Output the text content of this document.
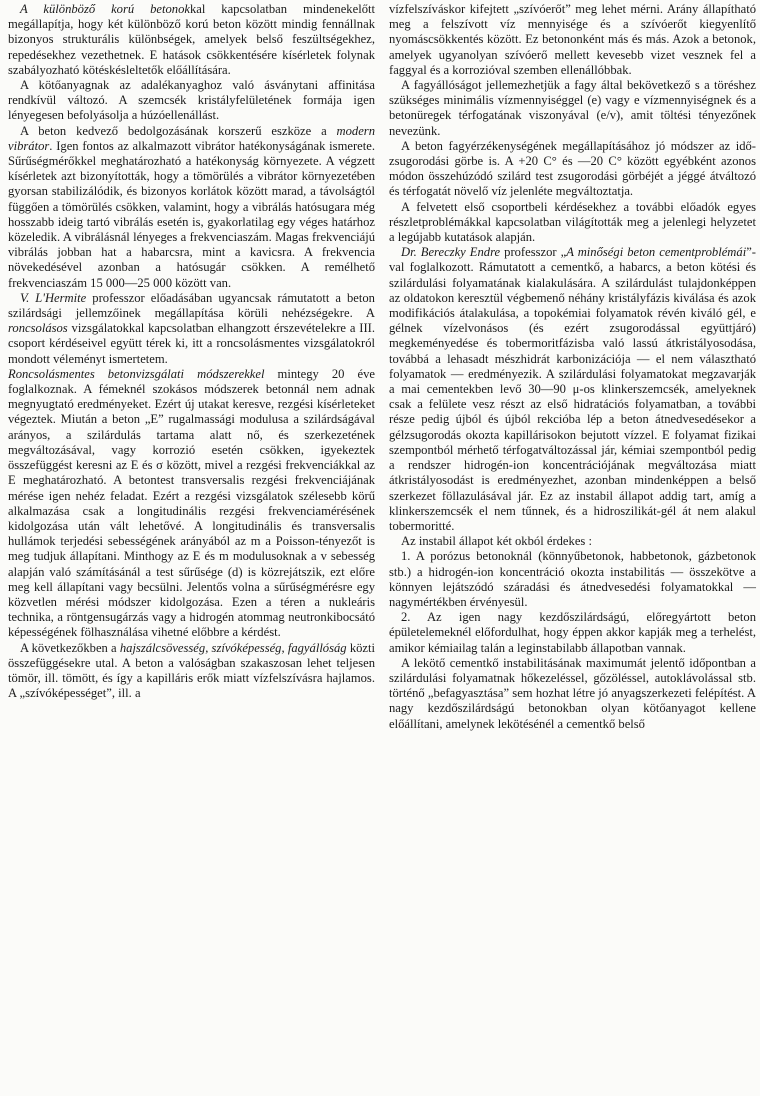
A különböző korú betonokkal kapcsolatban mindenekelőtt megállapítja, hogy két különböző korú beton között mindig fennállnak bizonyos strukturális különbségek, amelyek belső feszültségekhez, repedésekhez vezethetnek. E hatások csökkentésére kísérletek folynak szabályozható kötéskésleltetők előállítására.

A kötőanyagnak az adalékanyaghoz való ásványtani affinitása rendkívül változó. A szemcsék kristályfelületének formája igen lényegesen befolyásolja a húzóellenállást.

A beton kedvező bedolgozásának korszerű eszköze a modern vibrátor. Igen fontos az alkalmazott vibrátor hatékonyságának ismerete. Sűrűségmérőkkel meghatározható a hatékonyság környezete. A végzett kísérletek azt bizonyították, hogy a tömörülés a vibrátor környezetében gyorsan stabilizálódik, és bizonyos korlátok között marad, a távolságtól függően a tömörülés csökken, valamint, hogy a vibrálás hatósugara még hosszabb ideig tartó vibrálás esetén is, gyakorlatilag egy véges határhoz közeledik. A vibrálásnál lényeges a frekvenciaszám. Magas frekvenciájú vibrálás jobban hat a habarcsra, mint a kavicsra. A frekvencia növekedésével azonban a hatósugár csökken. A remélhető frekvenciaszám 15 000—25 000 között van.

V. L'Hermite professzor előadásában ugyancsak rámutatott a beton szilárdsági jellemzőinek megállapítása körüli nehézségekre. A roncsolásos vizsgálatokkal kapcsolatban elhangzott érszevételekre a III. csoport kérdéseivel együtt térek ki, itt a roncsolásmentes vizsgálatokról mondott véleményt ismertetem.

Roncsolásmentes betonvizsgálati módszerekkel mintegy 20 éve foglalkoznak. A fémeknél szokásos módszerek betonnál nem adnak megnyugtató eredményeket. Ezért új utakat keresve, rezgési kísérleteket végeztek. Miután a beton „E” rugalmassági modulusa a szilárdságával arányos, a szilárdulás tartama alatt nő, és szerkezetének megváltozásával, vagy korrozió esetén csökken, igyekeztek összefüggést keresni az E és σ között, mivel a rezgési frekvenciákkal az E meghatározható. A betontest transversalis rezgési frekvenciájának mérése igen nehéz feladat. Ezért a rezgési vizsgálatok szélesebb körű alkalmazása csak a longitudinális rezgési frekvenciamérésének kidolgozása után vált lehetővé. A longitudinális és transversalis hullámok terjedési sebességének arányából az m a Poisson-tényezőt is meg tudjuk állapítani. Minthogy az E és m modulusoknak a v sebesség alapján való számításánál a test sűrűsége (d) is közrejátszik, ezt előre meg kell állapítani vagy becsülni. Jelentős volna a sűrűségmérésre egy közvetlen mérési módszer kidolgozása. Ezen a téren a nukleáris technika, a röntgensugárzás vagy a hidrogén atommag neutronkibocsátó képességének fölhasználása vihetné előbbre a kérdést.

A következőkben a hajszálcsövesség, szívóképesség, fagyállóság közti összefüggésekre utal. A beton a valóságban szakaszosan lehet teljesen tömör, ill. tömött, és így a kapilláris erők miatt vízfelszívásra hajlamos. A „szívóképességet”, ill. a

vízfelszíváskor kifejtett „szívóerőt” meg lehet mérni. Arány állapítható meg a felszívott víz mennyisége és a szívóerőt kiegyenlítő nyomáscsökkentés között. Ez betononként más és más. Azok a betonok, amelyek ugyanolyan szívóerő mellett kevesebb vizet vesznek fel a faggyal és a korrozióval szemben ellenállóbbak.

A fagyállóságot jellemezhetjük a fagy által bekövetkező s a töréshez szükséges minimális vízmennyiséggel (e) vagy e vízmennyiségnek és a betonüregek térfogatának viszonyával (e/v), amit töltési tényezőnek nevezünk.

A beton fagyérzékenységének megállapításához jó módszer az idő-zsugorodási görbe is. A +20 C° és —20 C° között egyébként azonos módon összehúzódó szilárd test zsugorodási görbéjét a jéggé átváltozó és térfogatát növelő víz jelenléte megváltoztatja.

A felvetett első csoportbeli kérdésekhez a további előadók egyes részletproblémákkal kapcsolatban világították meg a jelenlegi helyzetet a legújabb kutatások alapján.

Dr. Bereczky Endre professzor „A minőségi beton cementproblémái”-val foglalkozott. Rámutatott a cementkő, a habarcs, a beton kötési és szilárdulási folyamatának kialakulására. A szilárdulást tulajdonképpen az oldatokon keresztül végbemenő néhány kristályfázis kiválása és azok modifikációs átalakulása, a topokémiai folyamatok révén kiváló gél, e gélnek vízelvonásos (és ezért zsugorodással együttjáró) megkeményedése és tobermoritfázisba való lassú átkristályosodása, továbbá a lehasadt mészhidrát karbonizációja — el nem választható folyamatok — eredményezik. A szilárdulási folyamatokat megzavarják a mai cementekben levő 30—90 μ-os klinkerszemcsék, amelyeknek csak a felülete vesz részt az első hidratációs folyamatban, a további része pedig újból és újból rekcióba lép a beton átnedvesedésekor a gélzsugorodás okozta kapillárisokon bejutott vízzel. E folyamat fizikai szempontból mérhető térfogatváltozással jár, kémiai szempontból pedig a rendszer hidrogén-ion koncentrációjának megváltozása miatt átkristályosodást is eredményezhet, azonban mindenképpen a belső szerkezet föllazulásával jár. Ez az instabil állapot addig tart, amíg a klinkerszemcsék el nem tűnnek, és a hidroszilikát-gél át nem alakul tobermoritté.

Az instabil állapot két okból érdekes :

1. A porózus betonoknál (könnyűbetonok, habbetonok, gázbetonok stb.) a hidrogén-ion koncentráció okozta instabilitás — összekötve a könnyen lejátszódó száradási és átnedvesedési folyamatokkal — nagymértékben érvényesül.

2. Az igen nagy kezdőszilárdságú, előregyártott beton épületelemeknél előfordulhat, hogy éppen akkor kapják meg a terhelést, amikor kémiailag talán a leginstabilabb állapotban vannak.

A lekötő cementkő instabilitásának maximumát jelentő időpontban a szilárdulási folyamatnak hőkezeléssel, gőzöléssel, autoklávolással stb. történő „befagyasztása” sem hozhat létre jó anyagszerkezeti felépítést. A nagy kezdőszilárdságú betonokban olyan kötőanyagot kellene előállítani, amelynek lekötésénél a cementkő belső
